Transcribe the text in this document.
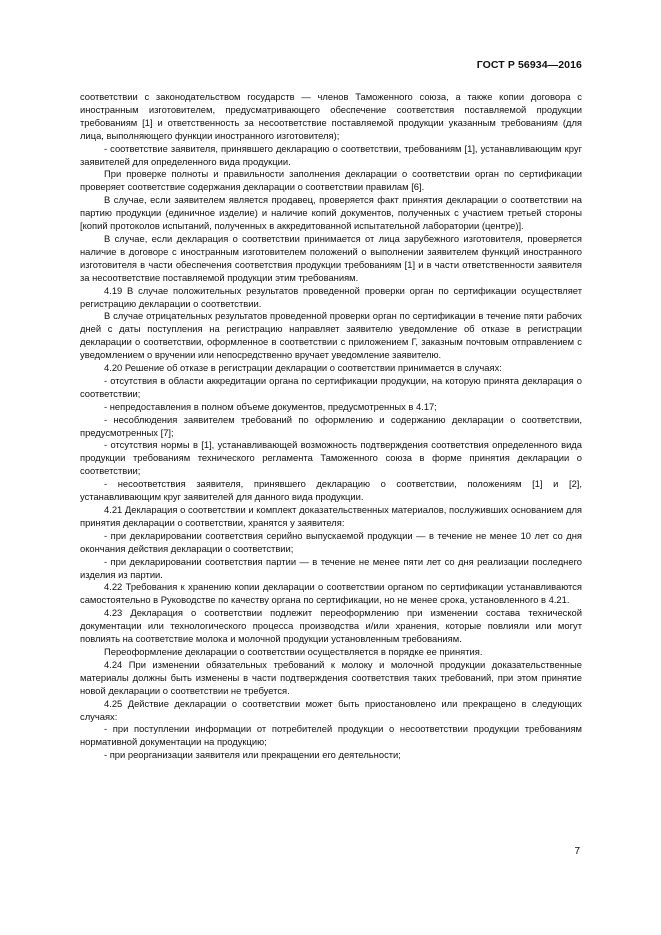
ГОСТ Р 56934—2016

соответствии с законодательством государств — членов Таможенного союза, а также копии договора с иностранным изготовителем, предусматривающего обеспечение соответствия поставляемой продукции требованиям [1] и ответственность за несоответствие поставляемой продукции указанным требованиям (для лица, выполняющего функции иностранного изготовителя);

- соответствие заявителя, принявшего декларацию о соответствии, требованиям [1], устанавливающим круг заявителей для определенного вида продукции.

При проверке полноты и правильности заполнения декларации о соответствии орган по сертификации проверяет соответствие содержания декларации о соответствии правилам [6].

В случае, если заявителем является продавец, проверяется факт принятия декларации о соответствии на партию продукции (единичное изделие) и наличие копий документов, полученных с участием третьей стороны [копий протоколов испытаний, полученных в аккредитованной испытательной лаборатории (центре)].

В случае, если декларация о соответствии принимается от лица зарубежного изготовителя, проверяется наличие в договоре с иностранным изготовителем положений о выполнении заявителем функций иностранного изготовителя в части обеспечения соответствия продукции требованиям [1] и в части ответственности заявителя за несоответствие поставляемой продукции этим требованиям.

4.19 В случае положительных результатов проведенной проверки орган по сертификации осуществляет регистрацию декларации о соответствии.

В случае отрицательных результатов проведенной проверки орган по сертификации в течение пяти рабочих дней с даты поступления на регистрацию направляет заявителю уведомление об отказе в регистрации декларации о соответствии, оформленное в соответствии с приложением Г, заказным почтовым отправлением с уведомлением о вручении или непосредственно вручает уведомление заявителю.

4.20 Решение об отказе в регистрации декларации о соответствии принимается в случаях:

- отсутствия в области аккредитации органа по сертификации продукции, на которую принята декларация о соответствии;

- непредоставления в полном объеме документов, предусмотренных в 4.17;

- несоблюдения заявителем требований по оформлению и содержанию декларации о соответствии, предусмотренных [7];

- отсутствия нормы в [1], устанавливающей возможность подтверждения соответствия определенного вида продукции требованиям технического регламента Таможенного союза в форме принятия декларации о соответствии;

- несоответствия заявителя, принявшего декларацию о соответствии, положениям [1] и [2], устанавливающим круг заявителей для данного вида продукции.

4.21 Декларация о соответствии и комплект доказательственных материалов, послуживших основанием для принятия декларации о соответствии, хранятся у заявителя:

- при декларировании соответствия серийно выпускаемой продукции — в течение не менее 10 лет со дня окончания действия декларации о соответствии;

- при декларировании соответствия партии — в течение не менее пяти лет со дня реализации последнего изделия из партии.

4.22 Требования к хранению копии декларации о соответствии органом по сертификации устанавливаются самостоятельно в Руководстве по качеству органа по сертификации, но не менее срока, установленного в 4.21.

4.23 Декларация о соответствии подлежит переоформлению при изменении состава технической документации или технологического процесса производства и/или хранения, которые повлияли или могут повлиять на соответствие молока и молочной продукции установленным требованиям.

Переоформление декларации о соответствии осуществляется в порядке ее принятия.

4.24 При изменении обязательных требований к молоку и молочной продукции доказательственные материалы должны быть изменены в части подтверждения соответствия таких требований, при этом принятие новой декларации о соответствии не требуется.

4.25 Действие декларации о соответствии может быть приостановлено или прекращено в следующих случаях:

- при поступлении информации от потребителей продукции о несоответствии продукции требованиям нормативной документации на продукцию;

- при реорганизации заявителя или прекращении его деятельности;

7
